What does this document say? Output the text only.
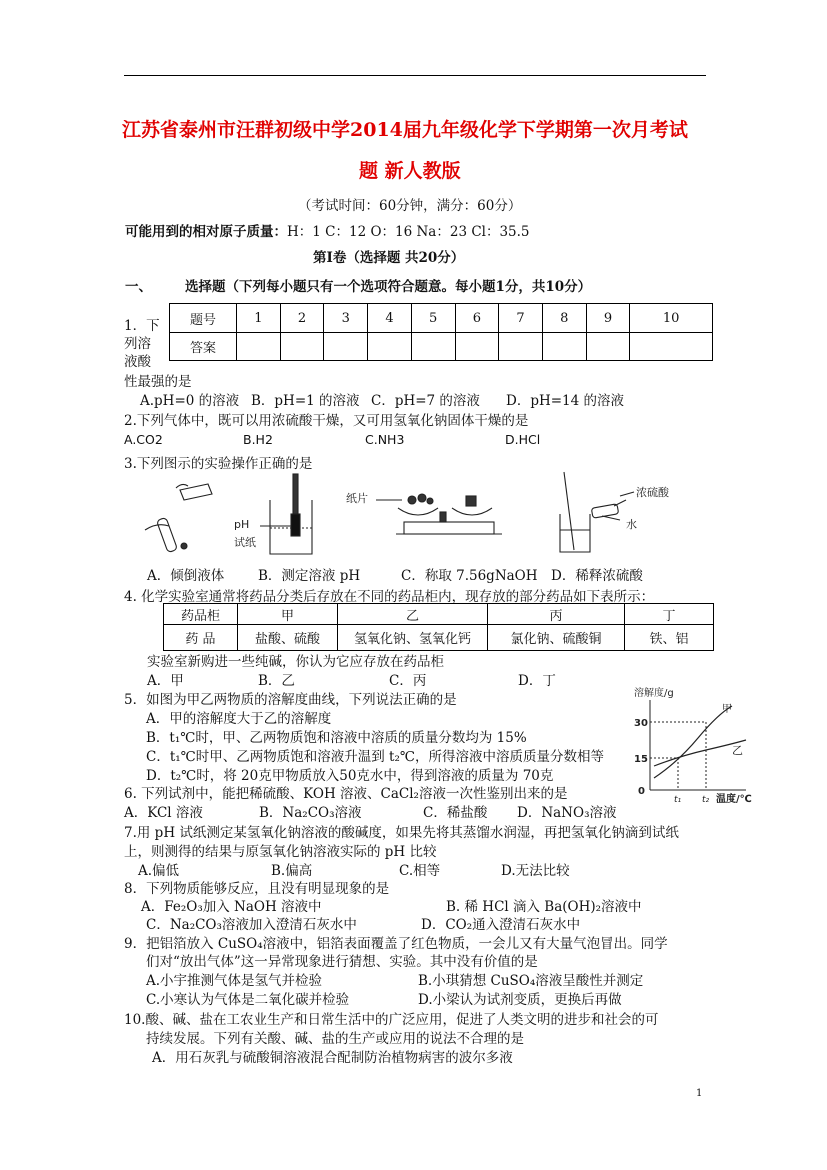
江苏省泰州市汪群初级中学2014届九年级化学下学期第一次月考试
题 新人教版
（考试时间：60分钟，满分：60分）
可能用到的相对原子质量：H：1 C：12 O：16 Na：23 Cl：35.5
第Ⅰ卷（选择题 共20分）
一、 选择题（下列每小题只有一个选项符合题意。每小题1分，共10分）
1．下
列溶
液酸
题号	1	2	3	4	5	6	7	8	9	10
答案										
性最强的是
A.pH=0 的溶液 B．pH=1 的溶液 C．pH=7 的溶液 D．pH=14 的溶液
2.下列气体中，既可以用浓硫酸干燥，又可用氢氧化钠固体干燥的是
A.CO2	B.H2	C.NH3	D.HCl
3.下列图示的实验操作正确的是
pH
试纸
纸片	浓硫酸
水
A．倾倒液体	B．测定溶液 pH	C．称取 7.56gNaOH D．稀释浓硫酸
4. 化学实验室通常将药品分类后存放在不同的药品柜内，现存放的部分药品如下表所示：
药品柜	甲	乙	丙	丁
药 品	盐酸、硫酸	氢氧化钠、氢氧化钙	氯化钠、硫酸铜	铁、铝
实验室新购进一些纯碱，你认为它应存放在药品柜
A．甲	B．乙	C．丙	D．丁
5．如图为甲乙两物质的溶解度曲线，下列说法正确的是
A．甲的溶解度大于乙的溶解度
B．t₁℃时，甲、乙两物质饱和溶液中溶质的质量分数均为 15%
C．t₁℃时甲、乙两物质饱和溶液升温到 t₂℃，所得溶液中溶质质量分数相等
D．t₂℃时，将 20克甲物质放入50克水中，得到溶液的质量为 70克
溶解度/g
30
15
0
甲
乙
t₁ t₂ 温度/℃
6. 下列试剂中，能把稀硫酸、KOH 溶液、CaCl₂溶液一次性鉴别出来的是
A．KCl 溶液	B．Na₂CO₃溶液	C．稀盐酸 D．NaNO₃溶液
7.用 pH 试纸测定某氢氧化钠溶液的酸碱度，如果先将其蒸馏水润湿，再把氢氧化钠滴到试纸
上，则测得的结果与原氢氧化钠溶液实际的 pH 比较
A.偏低	B.偏高	C.相等	D.无法比较
8．下列物质能够反应，且没有明显现象的是
A．Fe₂O₃加入 NaOH 溶液中	B. 稀 HCl 滴入 Ba(OH)₂溶液中
C．Na₂CO₃溶液加入澄清石灰水中	D．CO₂通入澄清石灰水中
9．把铝箔放入 CuSO₄溶液中，铝箔表面覆盖了红色物质，一会儿又有大量气泡冒出。同学
们对“放出气体”这一异常现象进行猜想、实验。其中没有价值的是
A.小宇推测气体是氢气并检验	B.小琪猜想 CuSO₄溶液呈酸性并测定
C.小寒认为气体是二氧化碳并检验	D.小梁认为试剂变质，更换后再做
10.酸、碱、盐在工农业生产和日常生活中的广泛应用，促进了人类文明的进步和社会的可
持续发展。下列有关酸、碱、盐的生产或应用的说法不合理的是
A．用石灰乳与硫酸铜溶液混合配制防治植物病害的波尔多液
1
